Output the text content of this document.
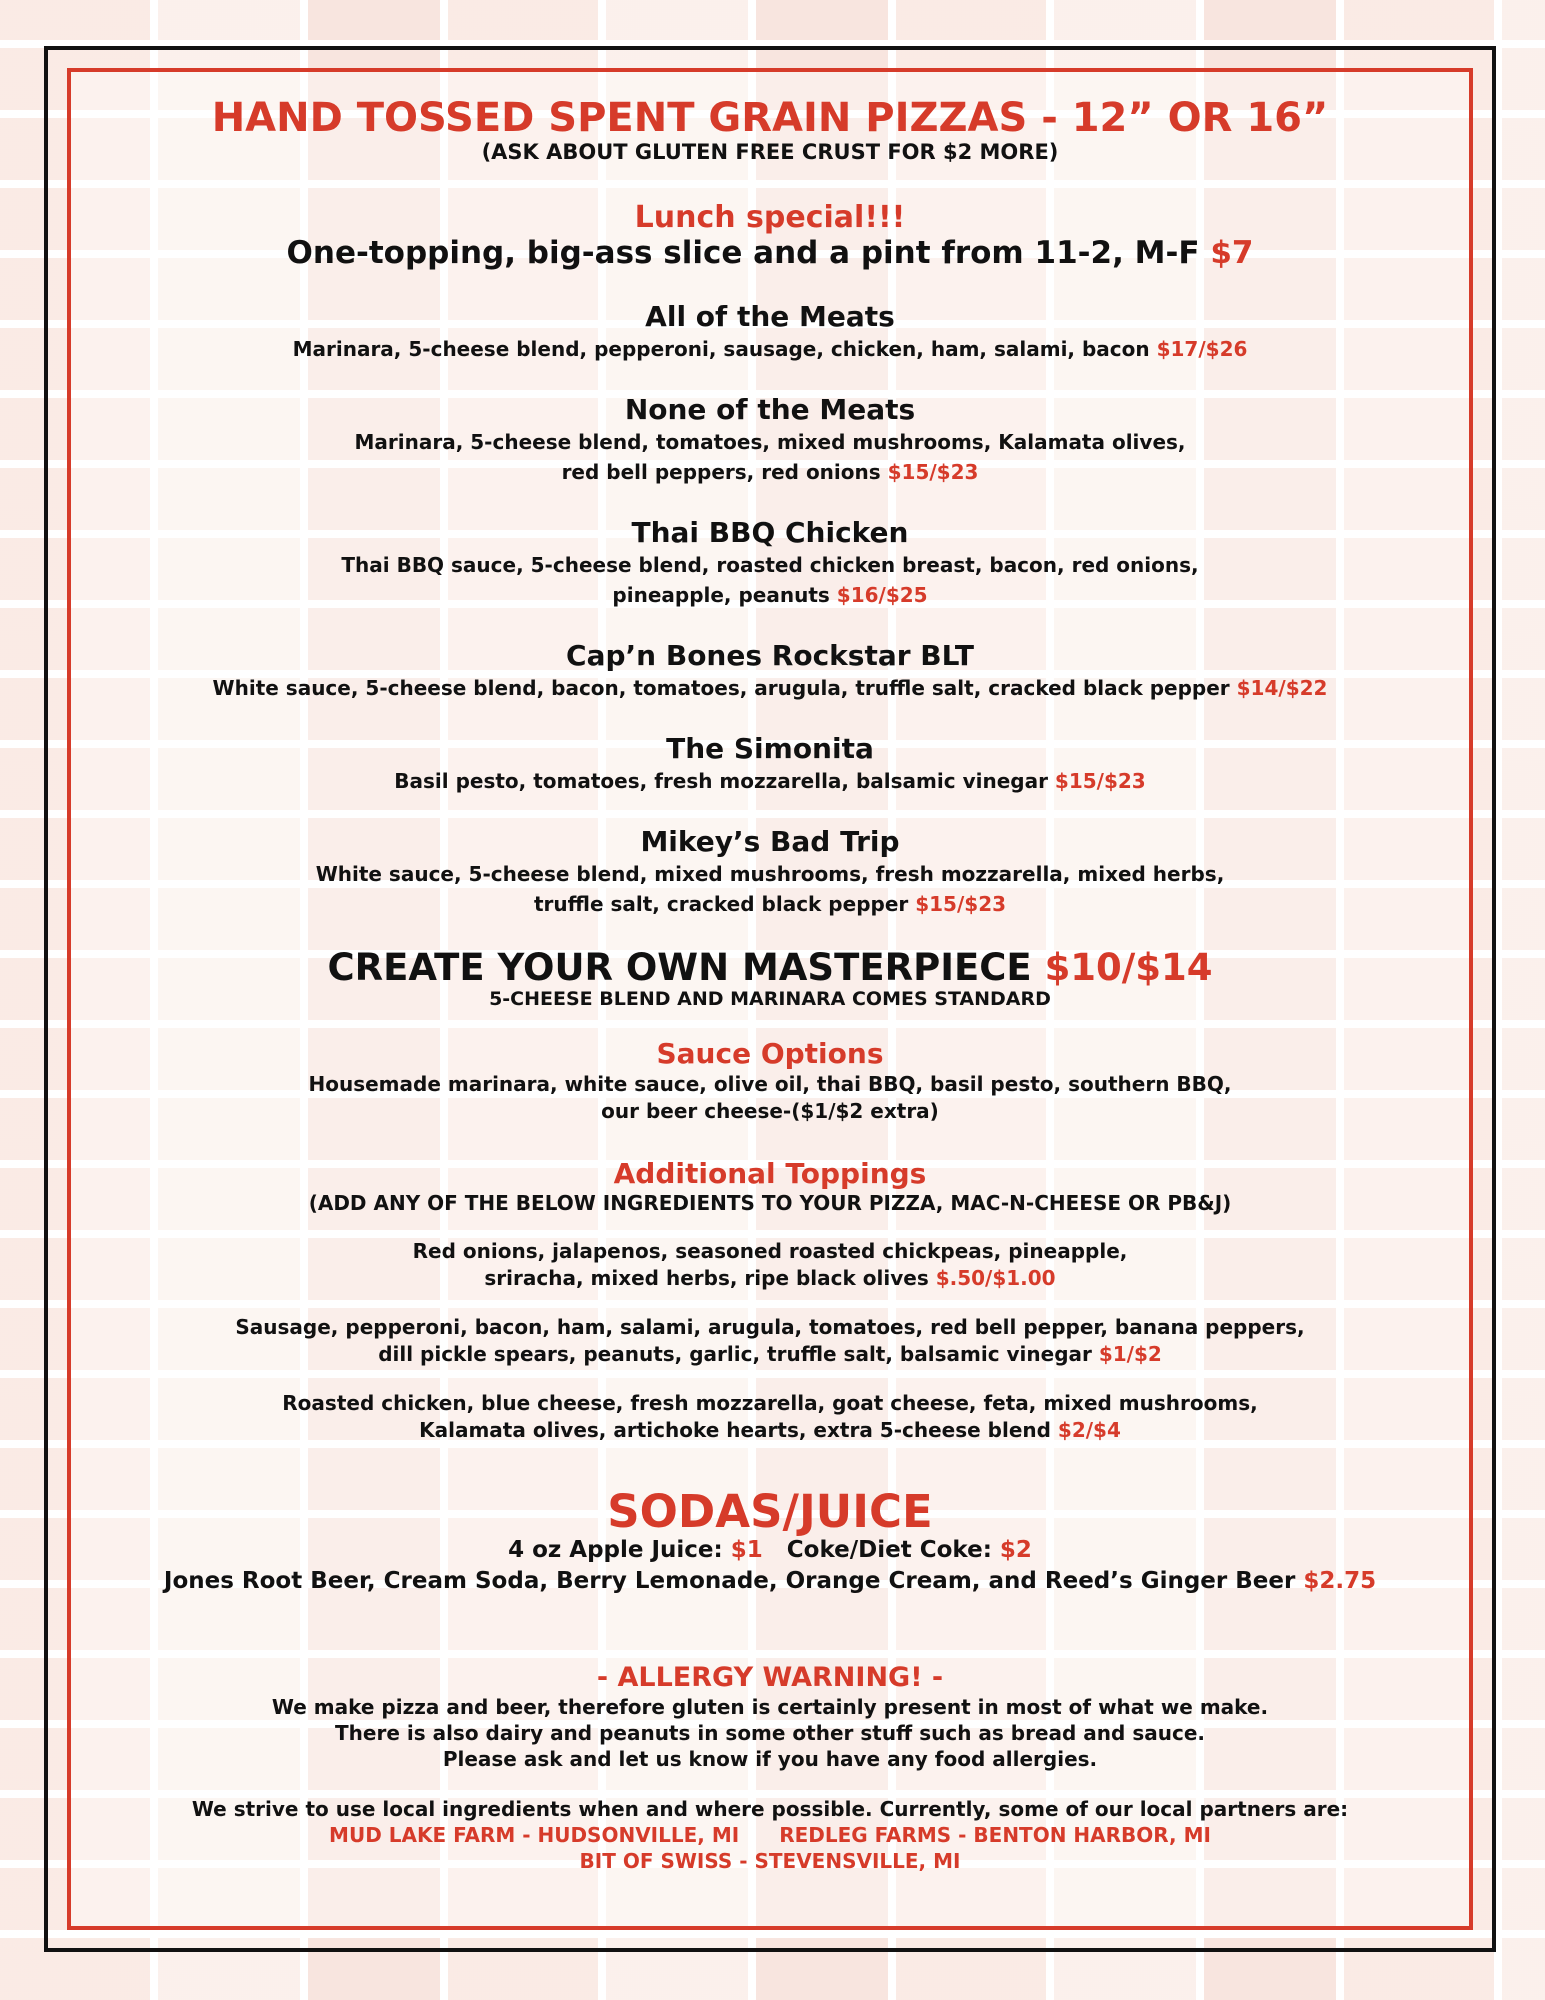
HAND TOSSED SPENT GRAIN PIZZAS - 12” OR 16”
(ASK ABOUT GLUTEN FREE CRUST FOR $2 MORE)
Lunch special!!!
One-topping, big-ass slice and a pint from 11-2, M-F $7
All of the Meats
Marinara, 5-cheese blend, pepperoni, sausage, chicken, ham, salami, bacon $17/$26
None of the Meats
Marinara, 5-cheese blend, tomatoes, mixed mushrooms, Kalamata olives,
red bell peppers, red onions $15/$23
Thai BBQ Chicken
Thai BBQ sauce, 5-cheese blend, roasted chicken breast, bacon, red onions,
pineapple, peanuts $16/$25
Cap’n Bones Rockstar BLT
White sauce, 5-cheese blend, bacon, tomatoes, arugula, truffle salt, cracked black pepper $14/$22
The Simonita
Basil pesto, tomatoes, fresh mozzarella, balsamic vinegar $15/$23
Mikey’s Bad Trip
White sauce, 5-cheese blend, mixed mushrooms, fresh mozzarella, mixed herbs,
truffle salt, cracked black pepper $15/$23
CREATE YOUR OWN MASTERPIECE $10/$14
5-CHEESE BLEND AND MARINARA COMES STANDARD
Sauce Options
Housemade marinara, white sauce, olive oil, thai BBQ, basil pesto, southern BBQ,
our beer cheese-($1/$2 extra)
Additional Toppings
(ADD ANY OF THE BELOW INGREDIENTS TO YOUR PIZZA, MAC-N-CHEESE OR PB&J)
Red onions, jalapenos, seasoned roasted chickpeas, pineapple,
sriracha, mixed herbs, ripe black olives $.50/$1.00
Sausage, pepperoni, bacon, ham, salami, arugula, tomatoes, red bell pepper, banana peppers,
dill pickle spears, peanuts, garlic, truffle salt, balsamic vinegar $1/$2
Roasted chicken, blue cheese, fresh mozzarella, goat cheese, feta, mixed mushrooms,
Kalamata olives, artichoke hearts, extra 5-cheese blend $2/$4
SODAS/JUICE
4 oz Apple Juice: $1 Coke/Diet Coke: $2
Jones Root Beer, Cream Soda, Berry Lemonade, Orange Cream, and Reed’s Ginger Beer $2.75
- ALLERGY WARNING! -
We make pizza and beer, therefore gluten is certainly present in most of what we make.
There is also dairy and peanuts in some other stuff such as bread and sauce.
Please ask and let us know if you have any food allergies.
We strive to use local ingredients when and where possible. Currently, some of our local partners are:
MUD LAKE FARM - HUDSONVILLE, MI REDLEG FARMS - BENTON HARBOR, MI
BIT OF SWISS - STEVENSVILLE, MI
